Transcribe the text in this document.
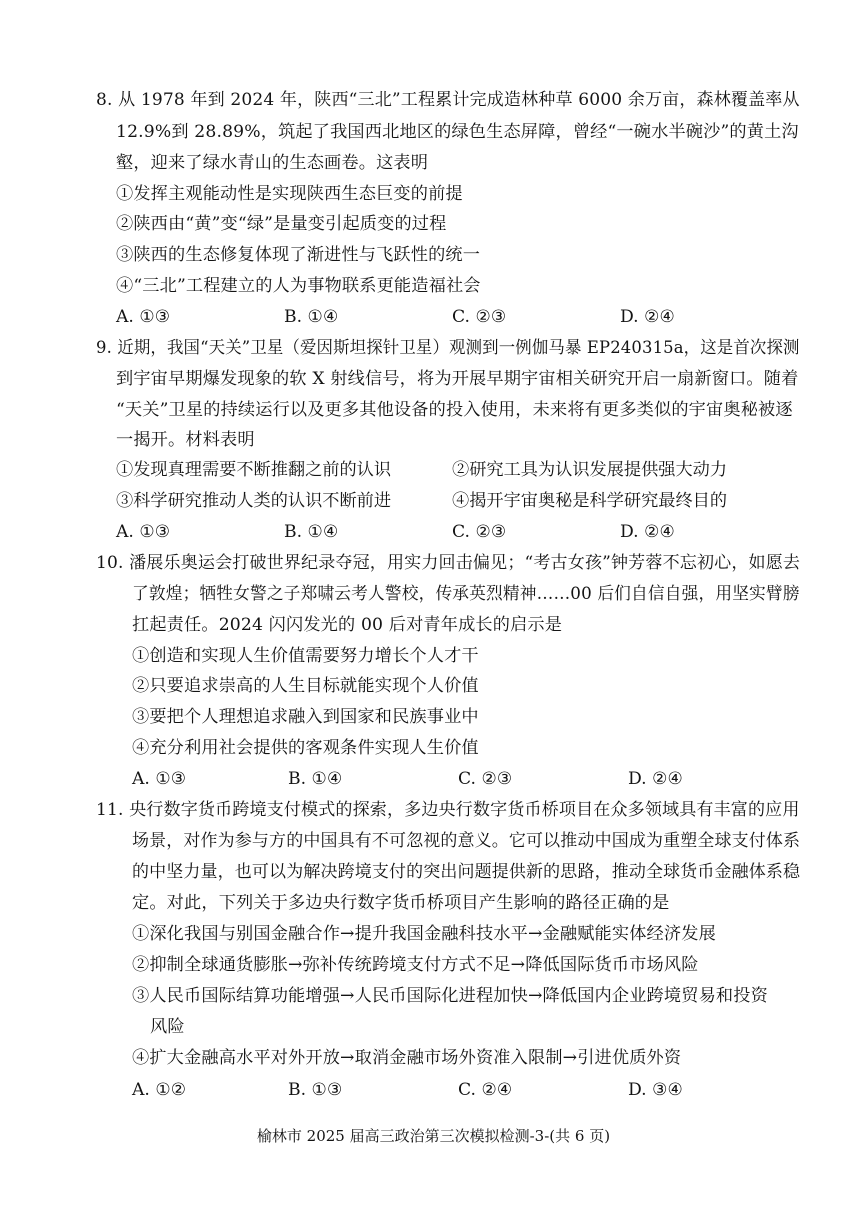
8. 从 1978 年到 2024 年，陕西“三北”工程累计完成造林种草 6000 余万亩，森林覆盖率从
12.9%到 28.89%，筑起了我国西北地区的绿色生态屏障，曾经“一碗水半碗沙”的黄土沟
壑，迎来了绿水青山的生态画卷。这表明
①发挥主观能动性是实现陕西生态巨变的前提
②陕西由“黄”变“绿”是量变引起质变的过程
③陕西的生态修复体现了渐进性与飞跃性的统一
④“三北”工程建立的人为事物联系更能造福社会
A. ①③	B. ①④	C. ②③	D. ②④
9. 近期，我国“天关”卫星（爱因斯坦探针卫星）观测到一例伽马暴 EP240315a，这是首次探测
到宇宙早期爆发现象的软 X 射线信号，将为开展早期宇宙相关研究开启一扇新窗口。随着
“天关”卫星的持续运行以及更多其他设备的投入使用，未来将有更多类似的宇宙奥秘被逐
一揭开。材料表明
①发现真理需要不断推翻之前的认识	②研究工具为认识发展提供强大动力
③科学研究推动人类的认识不断前进	④揭开宇宙奥秘是科学研究最终目的
A. ①③	B. ①④	C. ②③	D. ②④
10. 潘展乐奥运会打破世界纪录夺冠，用实力回击偏见；“考古女孩”钟芳蓉不忘初心，如愿去
了敦煌；牺牲女警之子郑啸云考人警校，传承英烈精神……00 后们自信自强，用坚实臂膀
扛起责任。2024 闪闪发光的 00 后对青年成长的启示是
①创造和实现人生价值需要努力增长个人才干
②只要追求崇高的人生目标就能实现个人价值
③要把个人理想追求融入到国家和民族事业中
④充分利用社会提供的客观条件实现人生价值
A. ①③	B. ①④	C. ②③	D. ②④
11. 央行数字货币跨境支付模式的探索，多边央行数字货币桥项目在众多领域具有丰富的应用
场景，对作为参与方的中国具有不可忽视的意义。它可以推动中国成为重塑全球支付体系
的中坚力量，也可以为解决跨境支付的突出问题提供新的思路，推动全球货币金融体系稳
定。对此，下列关于多边央行数字货币桥项目产生影响的路径正确的是
①深化我国与别国金融合作→提升我国金融科技水平→金融赋能实体经济发展
②抑制全球通货膨胀→弥补传统跨境支付方式不足→降低国际货币市场风险
③人民币国际结算功能增强→人民币国际化进程加快→降低国内企业跨境贸易和投资
风险
④扩大金融高水平对外开放→取消金融市场外资准入限制→引进优质外资
A. ①②	B. ①③	C. ②④	D. ③④
榆林市 2025 届高三政治第三次模拟检测-3-(共 6 页)
